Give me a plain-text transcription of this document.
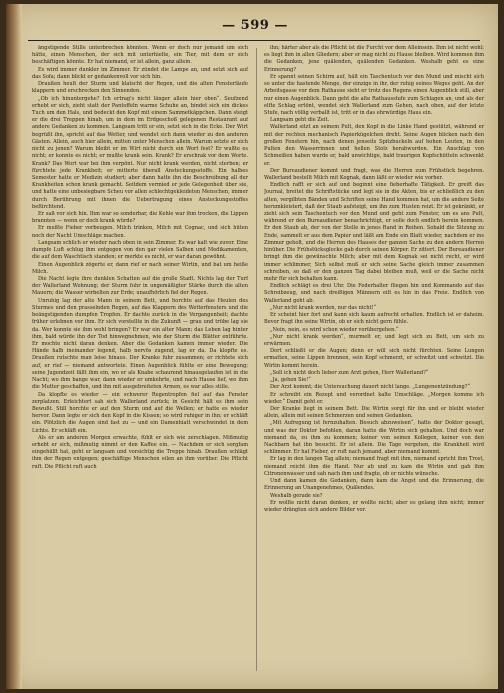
— 599 —

ängstigende Stille unterbrechen könnten. Wenn er doch nur jemand um sich hätte, einen Menschen, der sich mit unterhielte, ein Tier, mit dem er sich beschäftigen könnte. Er hat niemand, er ist allein, ganz allein.

Es wird immer dunkler im Zimmer. Er zündet die Lampe an, und setzt sich auf das Sofa; dann blickt er gedankenvoll vor sich hin.

Draußen heult der Sturm und klatscht der Regen, und die alten Fensterläufe klappern und erschrecken den Sinnenden.

„Ob ich hinuntergehe? Ich ertrag's nicht länger allein hier oben“. Seufzend erhebt er sich, zieht statt der Pantoffeln warme Schuhe an, bindet sich ein dickes Tuch um den Hals, und bedeckt den Kopf mit einem Sammetkäppchen. Dann steigt er die drei Treppen hinab, um in dem im Erdgeschoß gelegenen Restaurant auf andere Gedanken zu kommen. Langsam tritt er ein, setzt sich in die Ecke. Der Wirt begrüßt ihn, spricht auf das Wetter, und wendet sich dann wieder zu den anderen Gästen. Allein, auch hier allein, mitten unter Menschen allein. Warum setzte er sich nicht zu jenen? Warum bleibt er im Wirt nicht durch ein Wort fest? Er wußte es nicht; er konnte es nicht; er mußte krank sein. Krank? Er erschrak vor dem Worte. Krank? Das Wort war bei ihm verpönt. Nur nicht krank werden, nicht sterben; er fürchtete jede Krankheit; er mitterte überall Ansteckungsstoffe. Ein halbes Semester hatte er Medizin studiert; aber dann hatte ihn die Beschreibung all der Krankheiten schon krank gemacht. Seitdem vermied er jede Gelegenheit über sie, und hatte eine unbesiegbare Scheu vor allen schlechtgekleideten Menschen, immer durch Berührung mit ihnen die Uebertragung eines Ansteckungsstoffes befürchtend.

Er saß vor sich hin. Ihm war so sonderbar, die Kehle war ihm trocken, die Lippen brannten — wenn er doch krank würde?

Er mußte Fieber vorbeugen. Milch trinken, Milch mit Cognac, und sich hüten noch der Nacht Umschläge machen.

Langsam schlich er wieder nach oben in sein Zimmer. Es war kalt wie zuvor. Eine dumpfe Luft schlug ihm entgegen von den gar vielen Salben und Medikamenten, die auf dem Waschtisch standen; er merkte es nicht, er war daran gewöhnt.

Einen Augenblick zögerte er, dann rief er nach seiner Wirtin, und bat um heiße Milch.

Die Nacht legte ihre dunklen Schatten auf die große Stadt. Nichts lag der Turf der Wallerland Wohnung; der Sturm fuhr in ungemäßigter Stärke durch die alten Mauern; die Wasser wirbelten zur Erde; unaufhörlich fiel der Regen.

Unruhig lag der alte Mann in seinem Bett, und horchte auf das Heulen des Sturmes und den prasselnden Regen, auf das Klappern des Wetterfensters und die beängstigenden dumpfen Tropfen. Er dachte zurück in die Vergangenheit; dachte früher erlebnen vor ihm. Er sich vorstellte in die Zukunft — grau und trübe lag sie da. Wer konnte sie ihm wohl bringen? Er war ein alter Mann; das Leben lag hinter ihm, bald würde ihn der Tod hinwegnehmen, wie der Sturm die Blätter entführte. Er mochte nicht daran denken. Aber die Gedanken kamen immer wieder. Die Hände halb ineinander legend, halb nervös zugend, lag er da. Da klopfte es. Draußen rutschte man leise hinaus. Der Kranke fuhr zusammen; er richtete sich auf, er rief — niemand antwortete. Einen Augenblick fühlte er eine Bewegung; seine Jugendzeit fällt ihm ein, wo er als Knabe schaurend hinausgelaufen ist in die Nacht; wo ihm bange war, dann wieder er umkehrte, und nach Hause lief, wo ihm die Mutter geschaffen, und ihn mit ausgebreiteten Armen, es war alles stille.

Da klopfte es wieder — ein schwerer Regentropfen fiel auf das Fenster zerplatzen. Erleichtert sah sich Wallerland zurück; in Gesicht hält es ihm sein Bewußt. Still horchte er auf den Sturm und auf die Wellen; er hatte es wieder hervor. Dann legte er sich den Kopf in die Kissen; so wird ruhiger in ihn; er schläft ein. Plötzlich die Augen sind fast zu — und ein Damenhiatt verschwindet in dem Lichte. Er schläft ein.

Als er am anderen Morgen erwachte, fühlt er sich wie zerschlagen. Mißmutig erhebt er sich, mißmutig nimmt er den Kaffee ein. — Nachdem er sich sorgfam eingehüllt hat, geht er langsam und vorsichtig die Treppe hinab. Draußen schlägt ihm der Regen entgegen; geschäftige Menschen eilen an ihm vorüber. Die Pflicht ruft. Die Pflicht ruft auch

ihn; härter aber als die Pflicht ist die Furcht vor dem Alleinsein. Ihm ist nicht wohl; es liegt ihm in allen Gliedern; aber er mag nicht zu Hause bleiben. Wird kommen ihm die Gedanken, jene quälenden, quälenden Gedanken. Weshalb geht es eine Erinnerung?

Er spannt seinen Schirm auf, hält ein Taschentuch vor den Mund und mischt sich so unter die hastende Menge, der einzige in ihr, der ruhig seines Weges geht. An der Arbeitsgasse vor dem Rathause sieht er trotz des Regens einen Augenblick still, aber nur einen Augenblick. Dann geht die alte Rathausstufe zum Schlagen an, und als der elfte Schlag ertönt, wendet sich Wallerland zum Gehen, nach oben, auf der letzte Stufe, nach völlig verballt ist, tritt er in das ehrwürdige Haus ein.

Langsam geht die Zeit.

Wallerland sitzt an seinem Pult, den Kopf in die Linke Hand gestützt, während er mit der rechten mechanisch Papierkügelchen dreht. Seine Augen blicken nach den großen Fenstern hin, nach denen jenseits Spitzbuckeln auf hohen Leuten, in den Pulten den Wasserrinnen und hellen Stolz herabwurden. Ein Anschlag von Schmeißen haben wurde er, bald unwichtige, bald traurigen Kopfschütteln schwenkt er.

Der Bureaudiener kommt und fragt, was die Herren zum Frühstück begehren. Wallerland bestellt Milch mit Kognak, dann läßt er wieder wie vorher.

Endlich rafft er sich auf und beginnt eine fieberhafte Tätigkeit. Er greift das Journal, breitet die Schriftstücke und legt sie in die Akten, bis er schließlich zu den alten, vergilbten Bänden und Schriften seine Hand kommen hat, um die andere Seite herumkleistert, daß der Staub aufsteigt, um ihn zum Husten reizt. Er ist gekränkt, er zieht sich sein Taschentuch vor den Mund und geht zum Fenster, um es ans Pult, während er den Bureaudiener benachrichtigt, er solle doch endlich herein kommen. Er den Staub ab, der von der Stelle in jenes Rand in Reihen. Sobald die Sitzung zu Ende, sammelt er aus dem Papier und läßt am Ende ein Blatt wieder, nachdem er ins Zimmer geholt, und die Herren des Hauses der ganzen Sache zu den andern Herren hinüber. Die Frühstücksglocke gab durch seinen Körper. Er zittert. Der Bureaudiener bringt ihm die gewünschte Milch; aber mit dem Kognak sei nicht recht, er wird immer schlimmer, Sich selbst muß er sich seine Sache gleich immer zusammen schreiben, so daß er den ganzen Tag dabei bleiben muß, weil er die Sache nicht mehr für sich behalten kann.

Endlich schlägt es drei Uhr. Die Federhalter fliegen hin und Kommando auf das Schreibzeug, und nach dreißigen Männern eilt es hin in das Freie. Endlich von Wallerland geht ab.

„Nur nicht krank werden, nur das nicht!“

Er scheint hier fort und kann sich kaum aufrecht erhalten. Endlich ist er daheim. Bevor fragt ihn seine Wirtin, ob er sich nicht gern fühle.

„Nein, nein, es wird schon wieder vorübergehen.“

„Nur nicht krank werden“, murmelt er, und legt sich zu Bett, um sich zu erwärmen.

Dort schließt er die Augen; denn er will sich nicht fürchten. Seine Lungen ermatten, seine Lippen brennen, sein Kopf schmerzt, er schwitzt und schwitzt. Die Wirtin kommt herein.

„Soll ich nicht doch lieber zum Arzt gehen, Herr Wallerland?“

„Ja, gehen Sie!“

Der Arzt kommt; die Untersuchung dauert nicht lange. „Lungenentzündung?“

Er schreibt ein Rezept und verordnet kalte Umschläge. „Morgen komme ich wieder.“ Damit geht er.

Der Kranke liegt in seinem Bett. Die Wirtin sorgt für ihn und er bleibt wieder allein, allein mit seinen Schmerzen und seinen Gedanken.

„Mit Aufregung ist fernzuhalten. Besuch abzuweisen“, hatte der Doktor gesagt, und was der Doktor befohlen, daran hatte die Wirtin sich gehalten. Und doch war niemand da, zu ihm zu kommen; keiner von seinen Kollegen, keiner von den Nachbarn hat ihn besucht. Er ist allein. Die Tage vergehen, die Krankheit wird schlimmer. Er hat Fieber, er ruft nach jemand, aber niemand kommt.

Er lag in den langen Tag allein; niemand fragt mit ihm, niemand spricht ihm Trost, niemand reicht ihm die Hand. Nur ab und zu kam die Wirtin und gab ihm Citronenwasser und sah nach ihm und fragte, ob er nichts wünsche.

Und dann kamen die Gedanken, dann kam die Angst und die Erinnerung, die Erinnerung an Unangenehmes, Quälendes.

Weshalb gerade sie?

Er wollte nicht daran denken, er wollte nicht; aber es gelang ihm nicht; immer wieder drängten sich andere Bilder vor.
